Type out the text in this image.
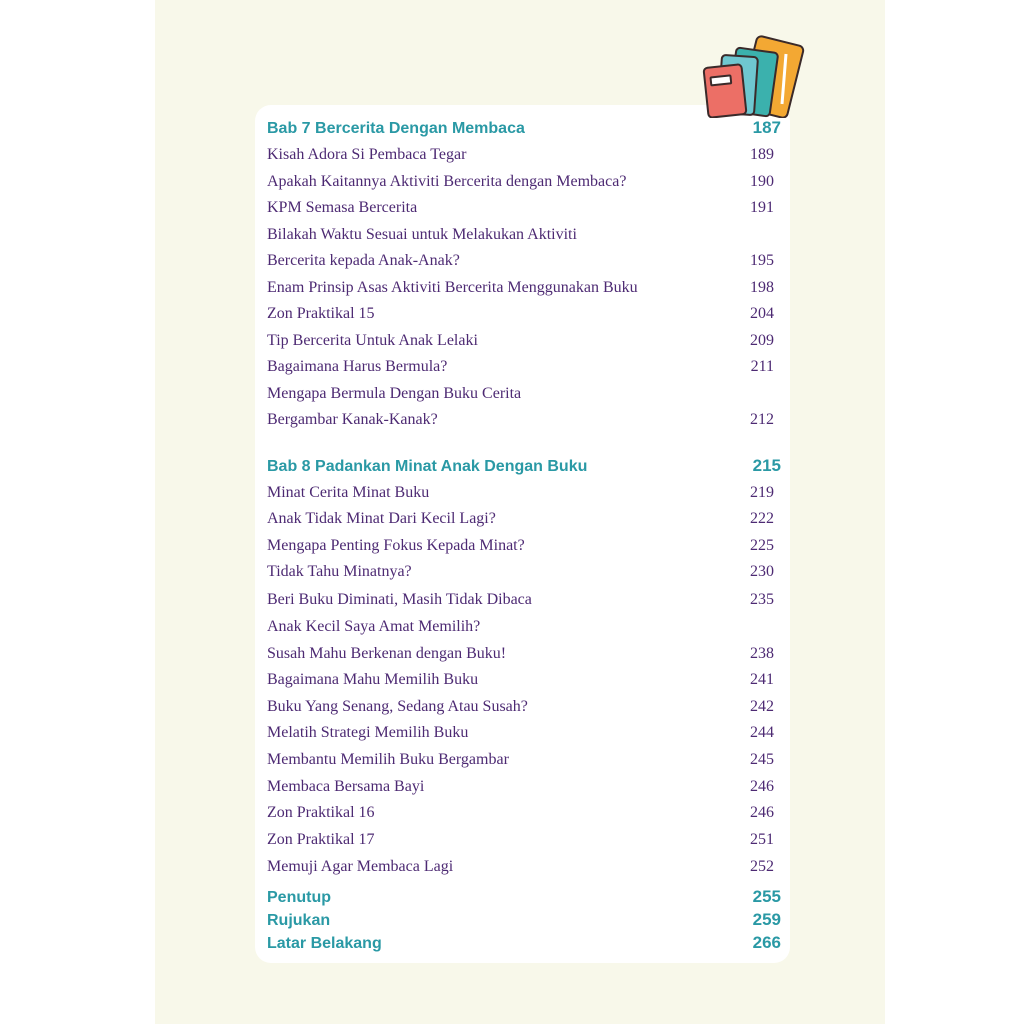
Bab 7 Bercerita Dengan Membaca	187
Kisah Adora Si Pembaca Tegar	189
Apakah Kaitannya Aktiviti Bercerita dengan Membaca?	190
KPM Semasa Bercerita	191
Bilakah Waktu Sesuai untuk Melakukan Aktiviti
Bercerita kepada Anak-Anak?	195
Enam Prinsip Asas Aktiviti Bercerita Menggunakan Buku	198
Zon Praktikal 15	204
Tip Bercerita Untuk Anak Lelaki	209
Bagaimana Harus Bermula?	211
Mengapa Bermula Dengan Buku Cerita
Bergambar Kanak-Kanak?	212
Bab 8 Padankan Minat Anak Dengan Buku	215
Minat Cerita Minat Buku	219
Anak Tidak Minat Dari Kecil Lagi?	222
Mengapa Penting Fokus Kepada Minat?	225
Tidak Tahu Minatnya?	230
Beri Buku Diminati, Masih Tidak Dibaca	235
Anak Kecil Saya Amat Memilih?
Susah Mahu Berkenan dengan Buku!	238
Bagaimana Mahu Memilih Buku	241
Buku Yang Senang, Sedang Atau Susah?	242
Melatih Strategi Memilih Buku	244
Membantu Memilih Buku Bergambar	245
Membaca Bersama Bayi	246
Zon Praktikal 16	246
Zon Praktikal 17	251
Memuji Agar Membaca Lagi	252
Penutup	255
Rujukan	259
Latar Belakang	266
